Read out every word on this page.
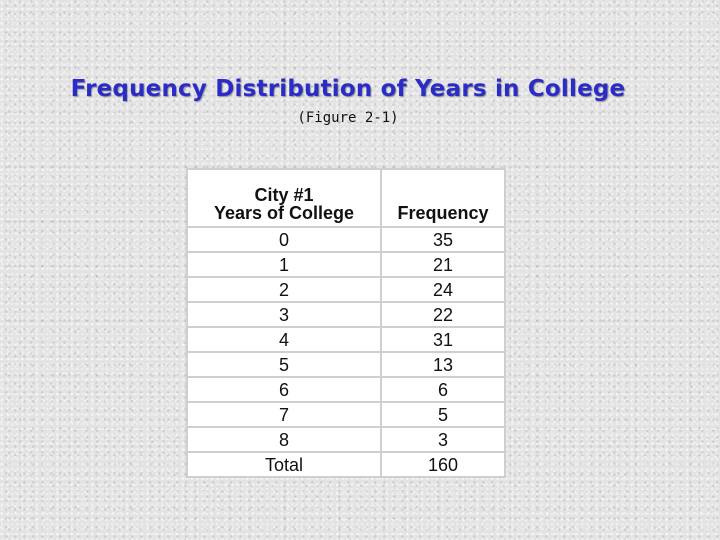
Frequency Distribution of Years in College
(Figure 2-1)
City #1
Years of College	Frequency
0	35
1	21
2	24
3	22
4	31
5	13
6	6
7	5
8	3
Total	160
